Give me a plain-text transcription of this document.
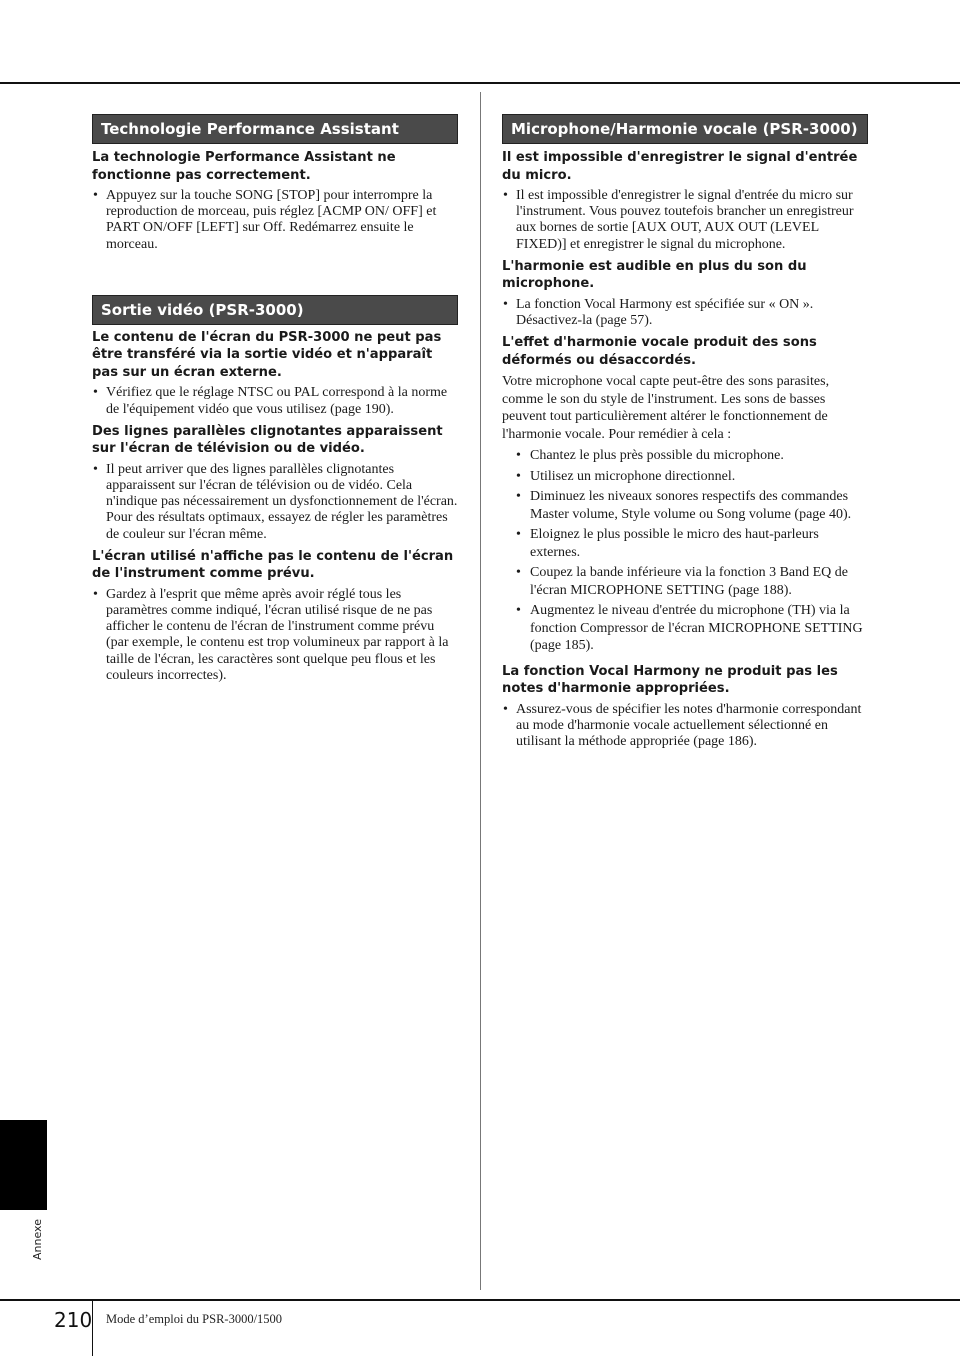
Technologie Performance Assistant
La technologie Performance Assistant ne fonctionne pas correctement.
• Appuyez sur la touche SONG [STOP] pour interrompre la reproduction de morceau, puis réglez [ACMP ON/ OFF] et PART ON/OFF [LEFT] sur Off. Redémarrez ensuite le morceau.
Sortie vidéo (PSR-3000)
Le contenu de l'écran du PSR-3000 ne peut pas être transféré via la sortie vidéo et n'apparaît pas sur un écran externe.
• Vérifiez que le réglage NTSC ou PAL correspond à la norme de l'équipement vidéo que vous utilisez (page 190).
Des lignes parallèles clignotantes apparaissent sur l'écran de télévision ou de vidéo.
• Il peut arriver que des lignes parallèles clignotantes apparaissent sur l'écran de télévision ou de vidéo. Cela n'indique pas nécessairement un dysfonctionnement de l'écran. Pour des résultats optimaux, essayez de régler les paramètres de couleur sur l'écran même.
L'écran utilisé n'affiche pas le contenu de l'écran de l'instrument comme prévu.
• Gardez à l'esprit que même après avoir réglé tous les paramètres comme indiqué, l'écran utilisé risque de ne pas afficher le contenu de l'écran de l'instrument comme prévu (par exemple, le contenu est trop volumineux par rapport à la taille de l'écran, les caractères sont quelque peu flous et les couleurs incorrectes).
Microphone/Harmonie vocale (PSR-3000)
Il est impossible d'enregistrer le signal d'entrée du micro.
• Il est impossible d'enregistrer le signal d'entrée du micro sur l'instrument. Vous pouvez toutefois brancher un enregistreur aux bornes de sortie [AUX OUT, AUX OUT (LEVEL FIXED)] et enregistrer le signal du microphone.
L'harmonie est audible en plus du son du microphone.
• La fonction Vocal Harmony est spécifiée sur « ON ». Désactivez-la (page 57).
L'effet d'harmonie vocale produit des sons déformés ou désaccordés.
Votre microphone vocal capte peut-être des sons parasites, comme le son du style de l'instrument. Les sons de basses peuvent tout particulièrement altérer le fonctionnement de l'harmonie vocale. Pour remédier à cela :
• Chantez le plus près possible du microphone.
• Utilisez un microphone directionnel.
• Diminuez les niveaux sonores respectifs des commandes Master volume, Style volume ou Song volume (page 40).
• Eloignez le plus possible le micro des haut-parleurs externes.
• Coupez la bande inférieure via la fonction 3 Band EQ de l'écran MICROPHONE SETTING (page 188).
• Augmentez le niveau d'entrée du microphone (TH) via la fonction Compressor de l'écran MICROPHONE SETTING (page 185).
La fonction Vocal Harmony ne produit pas les notes d'harmonie appropriées.
• Assurez-vous de spécifier les notes d'harmonie correspondant au mode d'harmonie vocale actuellement sélectionné en utilisant la méthode appropriée (page 186).
Annexe
210 Mode d’emploi du PSR-3000/1500
